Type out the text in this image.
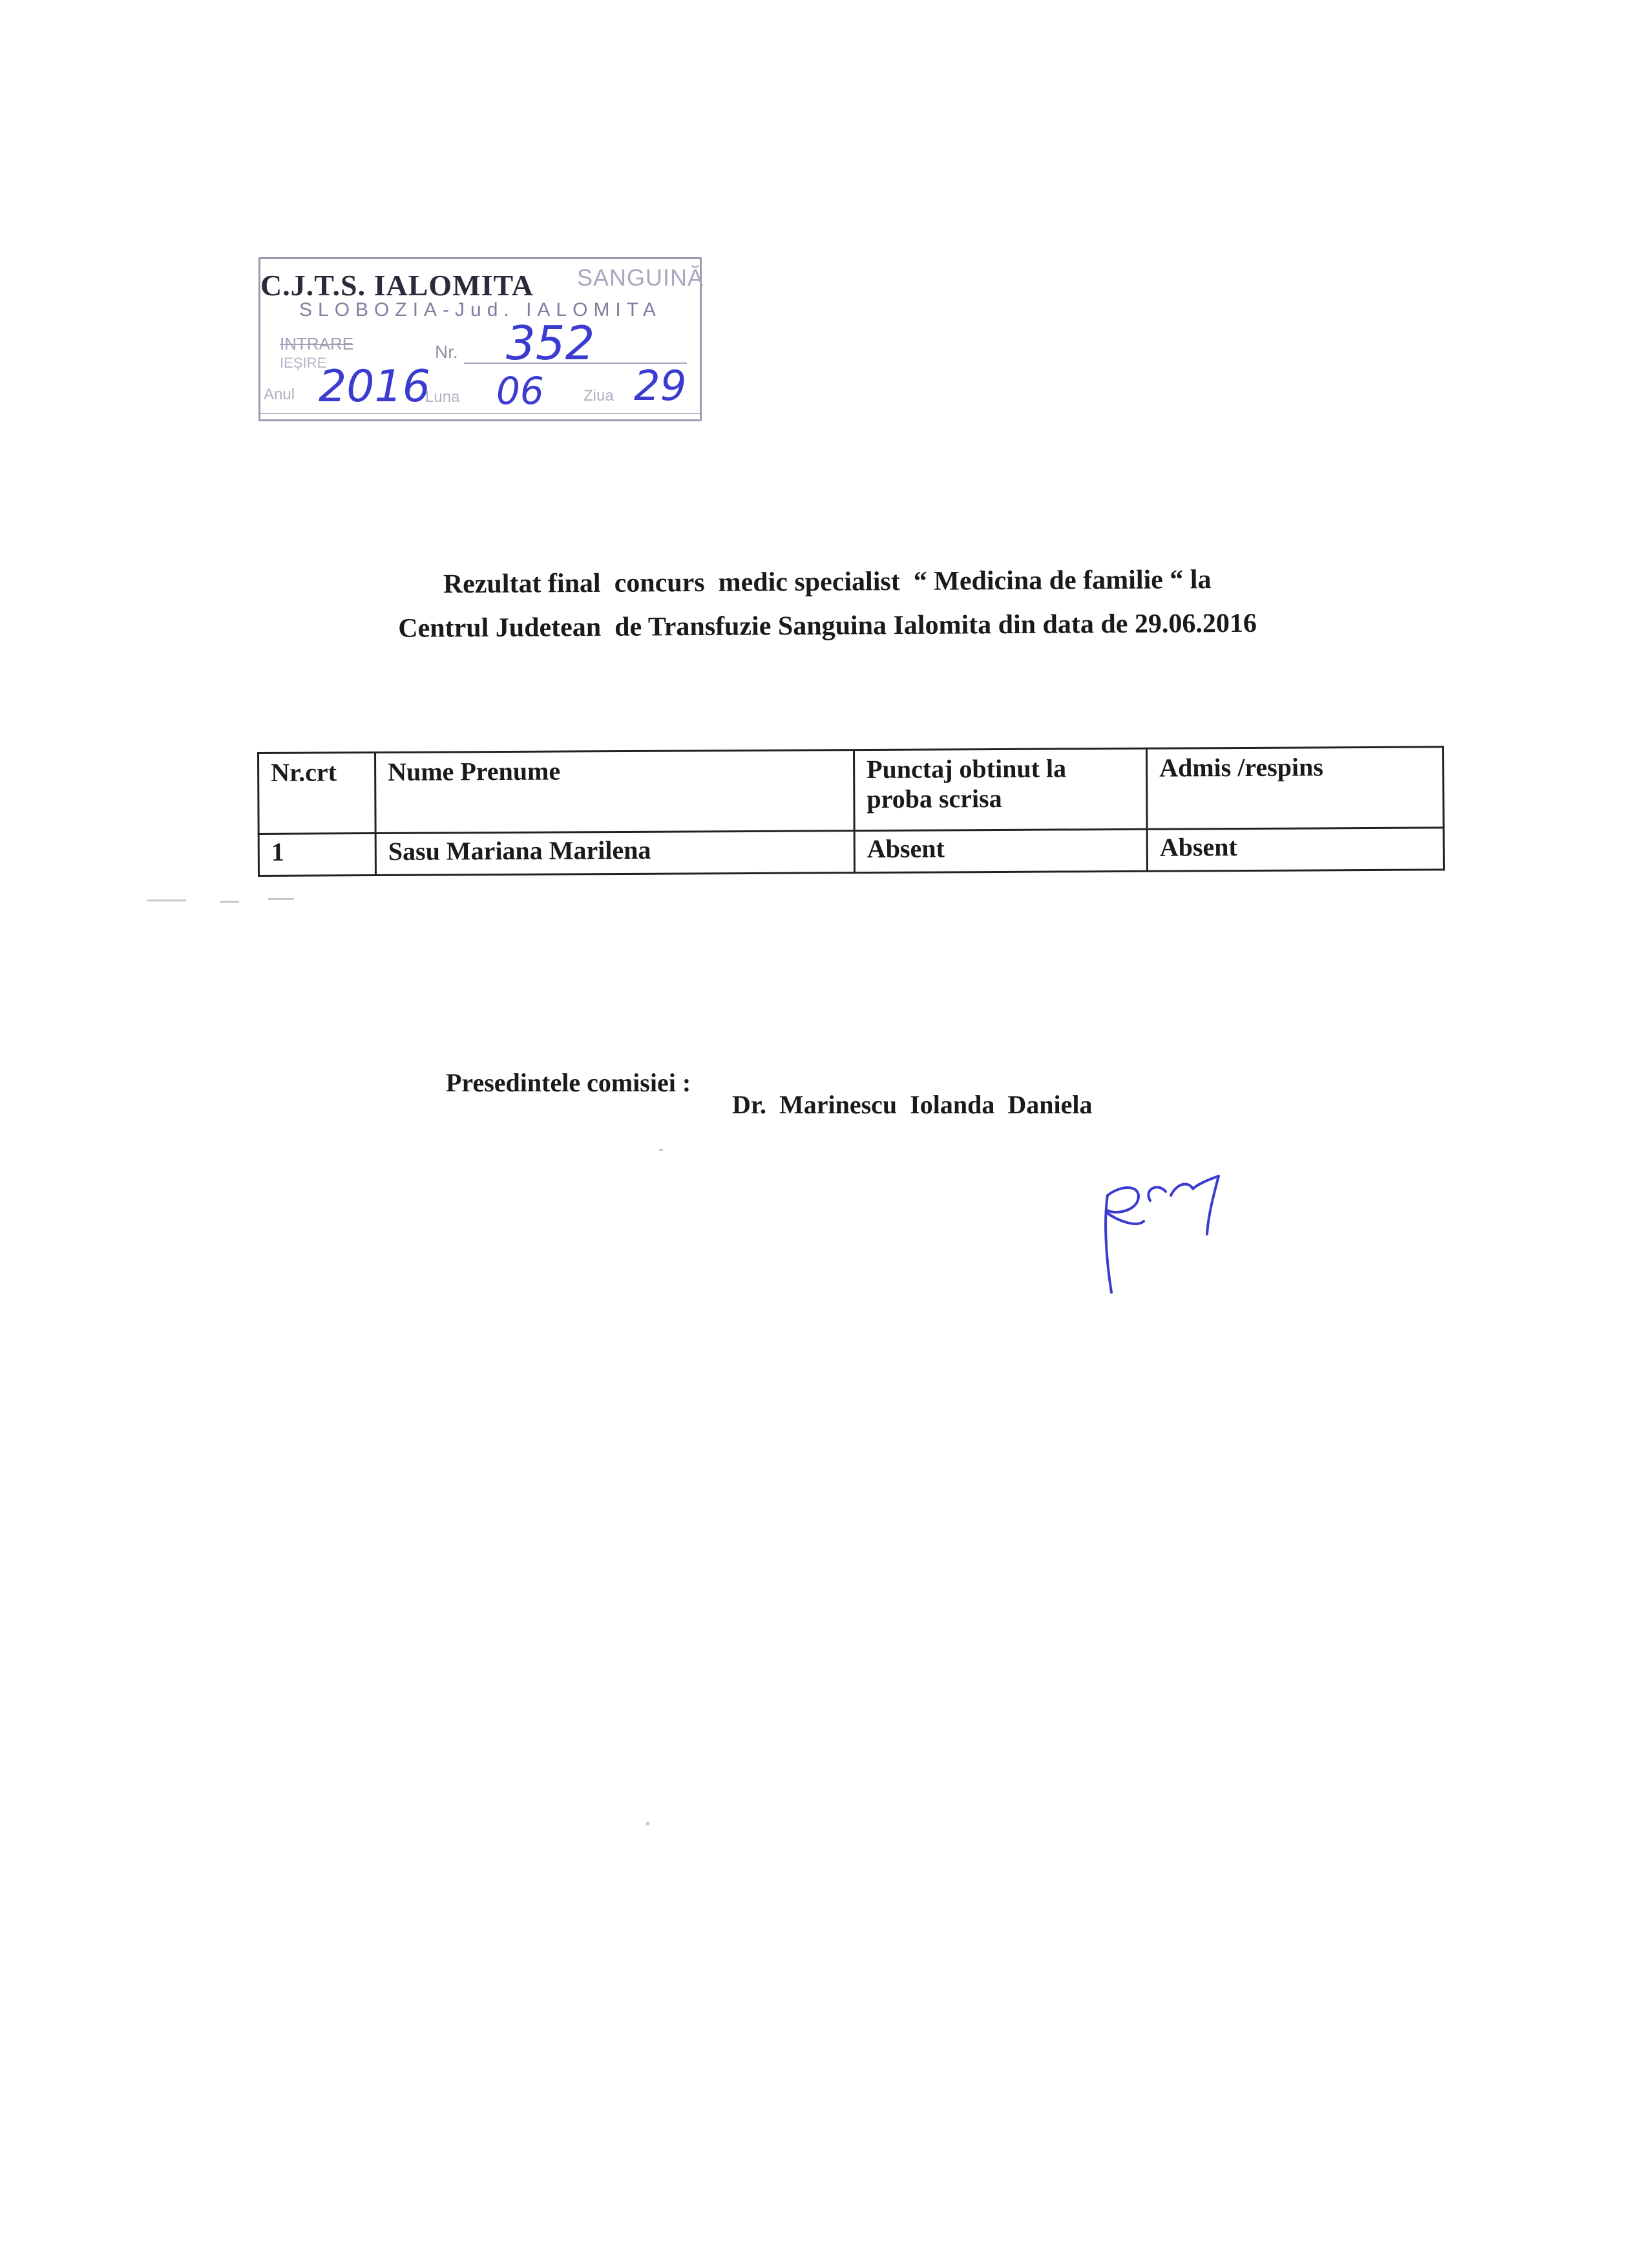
SANGUINĂ
C.J.T.S. IALOMITA
SLOBOZIA-Jud. IALOMITA
INTRARE
IEȘIRE
Nr. 352
Anul 2016
Luna 06	Ziua 29
Rezultat final  concurs  medic specialist  “ Medicina de familie “ la
Centrul Judetean  de Transfuzie Sanguina Ialomita din data de 29.06.2016
Nr.crt	Nume Prenume	Punctaj obtinut la proba scrisa	Admis /respins
1	Sasu Mariana Marilena	Absent	Absent
Presedintele comisiei :
Dr. Marinescu Iolanda Daniela
